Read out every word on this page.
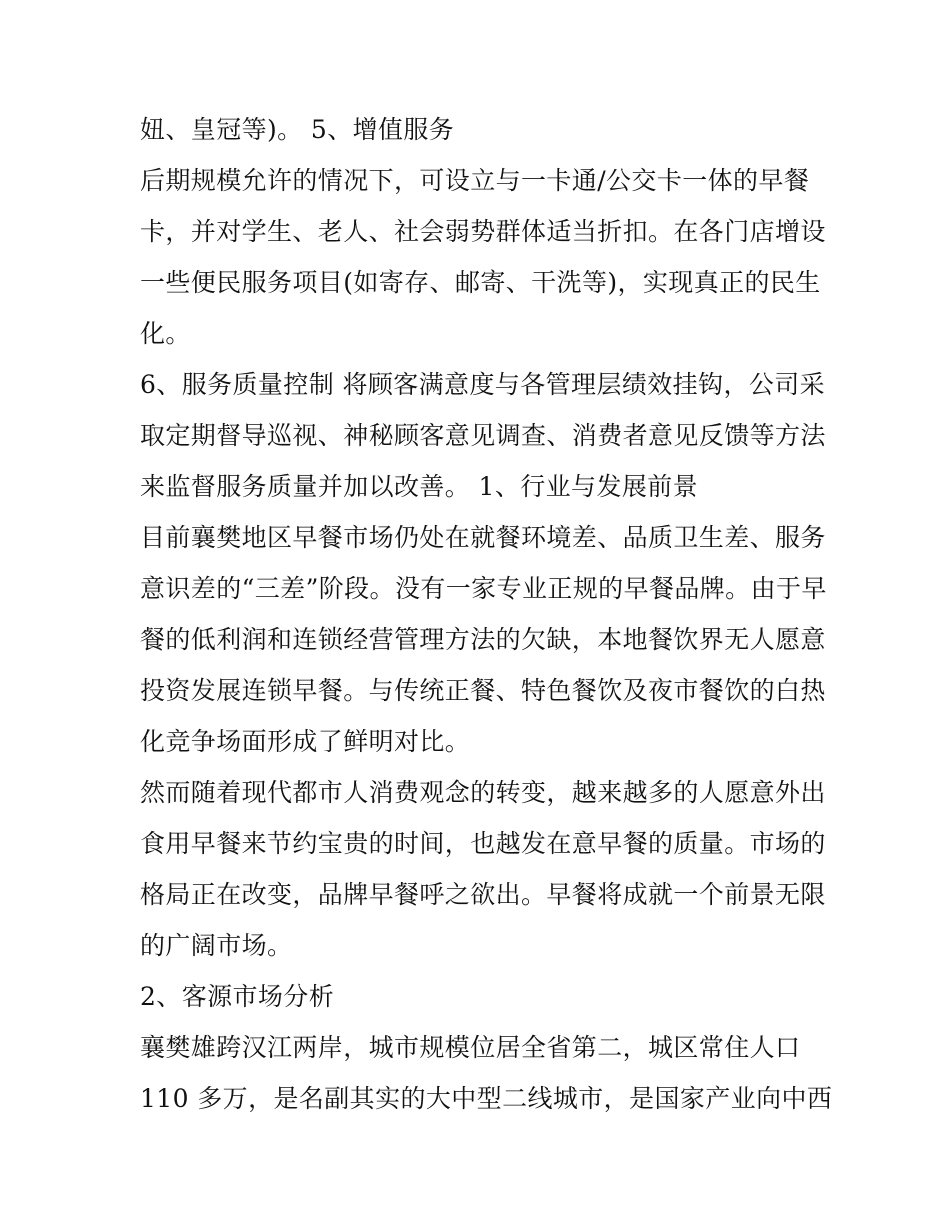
妞、皇冠等)。 5、增值服务
后期规模允许的情况下，可设立与一卡通/公交卡一体的早餐
卡，并对学生、老人、社会弱势群体适当折扣。在各门店增设
一些便民服务项目(如寄存、邮寄、干洗等)，实现真正的民生
化。
6、服务质量控制 将顾客满意度与各管理层绩效挂钩，公司采
取定期督导巡视、神秘顾客意见调查、消费者意见反馈等方法
来监督服务质量并加以改善。 1、行业与发展前景
目前襄樊地区早餐市场仍处在就餐环境差、品质卫生差、服务
意识差的“三差”阶段。没有一家专业正规的早餐品牌。由于早
餐的低利润和连锁经营管理方法的欠缺，本地餐饮界无人愿意
投资发展连锁早餐。与传统正餐、特色餐饮及夜市餐饮的白热
化竞争场面形成了鲜明对比。
然而随着现代都市人消费观念的转变，越来越多的人愿意外出
食用早餐来节约宝贵的时间，也越发在意早餐的质量。市场的
格局正在改变，品牌早餐呼之欲出。早餐将成就一个前景无限
的广阔市场。
2、客源市场分析
襄樊雄跨汉江两岸，城市规模位居全省第二，城区常住人口
110 多万，是名副其实的大中型二线城市，是国家产业向中西
